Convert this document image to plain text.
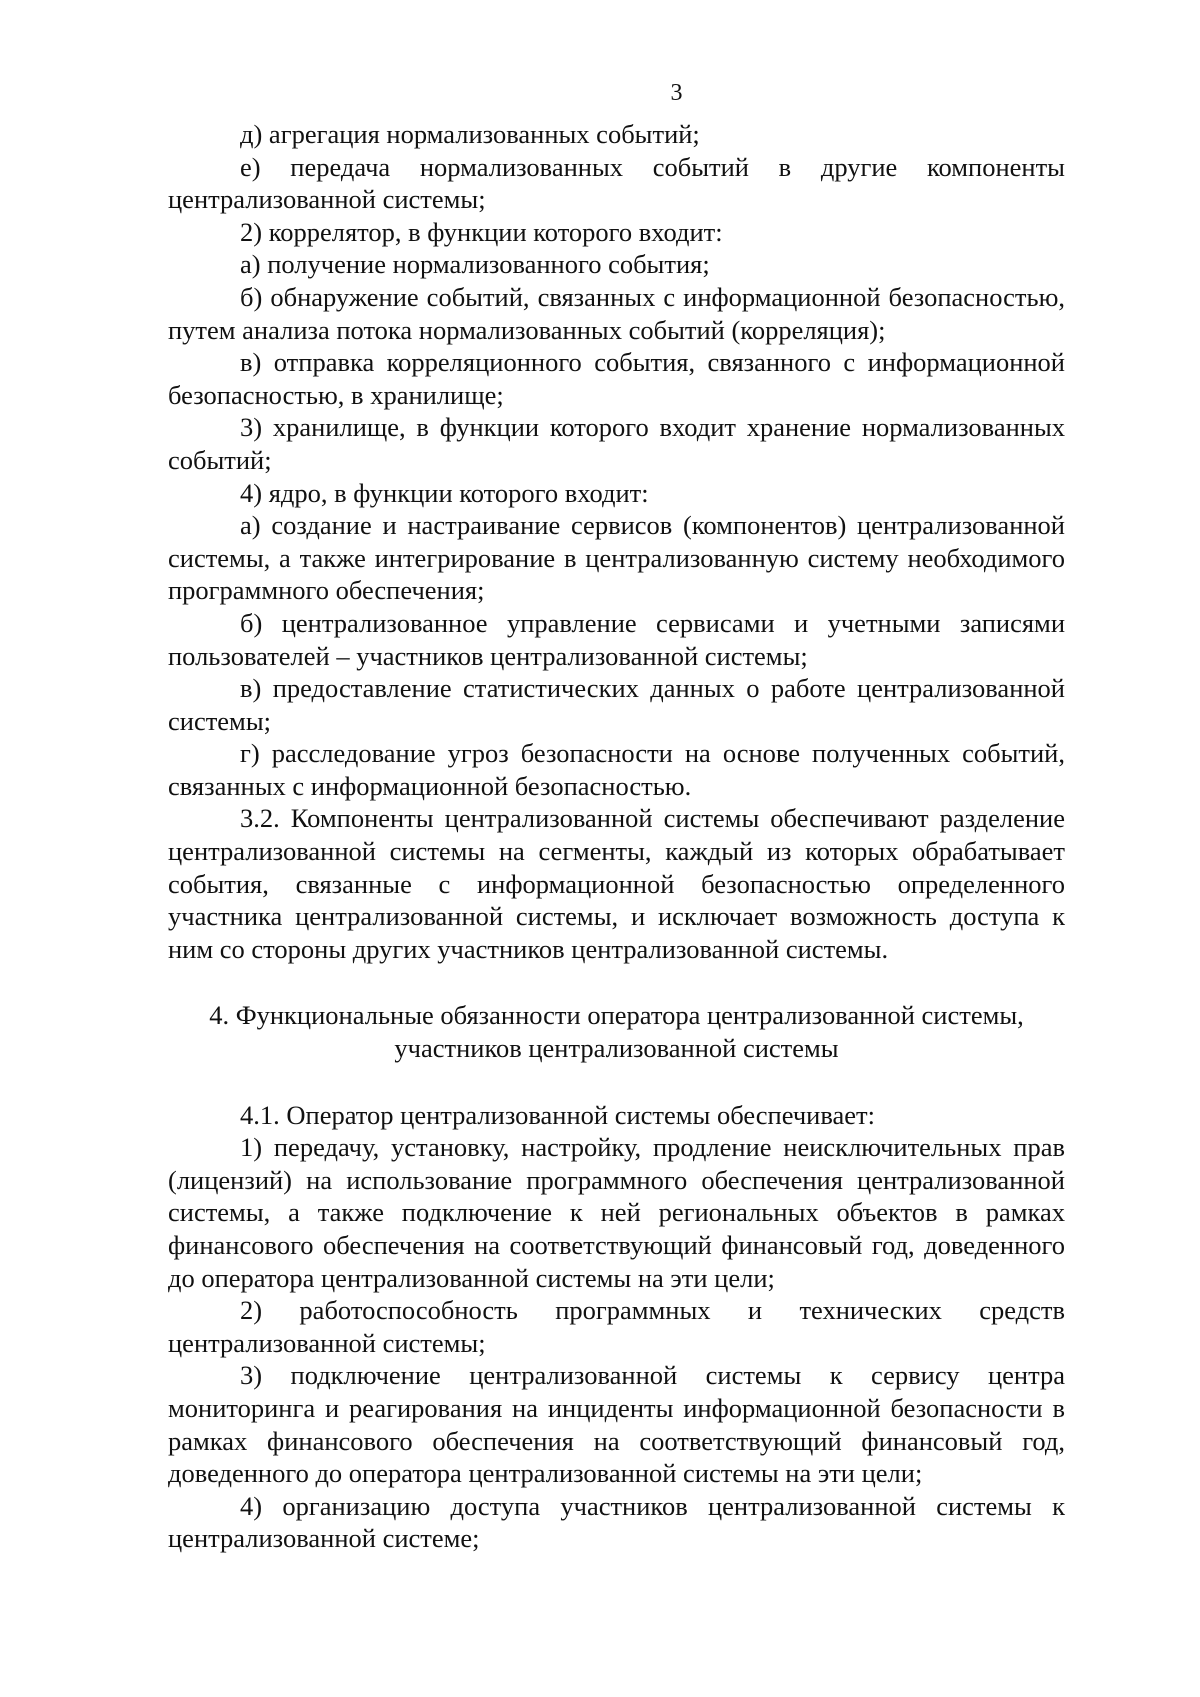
3

д) агрегация нормализованных событий;

е) передача нормализованных событий в другие компоненты централизованной системы;

2) коррелятор, в функции которого входит:

а) получение нормализованного события;

б) обнаружение событий, связанных с информационной безопасностью, путем анализа потока нормализованных событий (корреляция);

в) отправка корреляционного события, связанного с информационной безопасностью, в хранилище;

3) хранилище, в функции которого входит хранение нормализованных событий;

4) ядро, в функции которого входит:

а) создание и настраивание сервисов (компонентов) централизованной системы, а также интегрирование в централизованную систему необходимого программного обеспечения;

б) централизованное управление сервисами и учетными записями пользователей – участников централизованной системы;

в) предоставление статистических данных о работе централизованной системы;

г) расследование угроз безопасности на основе полученных событий, связанных с информационной безопасностью.

3.2. Компоненты централизованной системы обеспечивают разделение централизованной системы на сегменты, каждый из которых обрабатывает события, связанные с информационной безопасностью определенного участника централизованной системы, и исключает возможность доступа к ним со стороны других участников централизованной системы.

4. Функциональные обязанности оператора централизованной системы,
участников централизованной системы

4.1. Оператор централизованной системы обеспечивает:

1) передачу, установку, настройку, продление неисключительных прав (лицензий) на использование программного обеспечения централизованной системы, а также подключение к ней региональных объектов в рамках финансового обеспечения на соответствующий финансовый год, доведенного до оператора централизованной системы на эти цели;

2) работоспособность программных и технических средств централизованной системы;

3) подключение централизованной системы к сервису центра мониторинга и реагирования на инциденты информационной безопасности в рамках финансового обеспечения на соответствующий финансовый год, доведенного до оператора централизованной системы на эти цели;

4) организацию доступа участников централизованной системы к централизованной системе;
